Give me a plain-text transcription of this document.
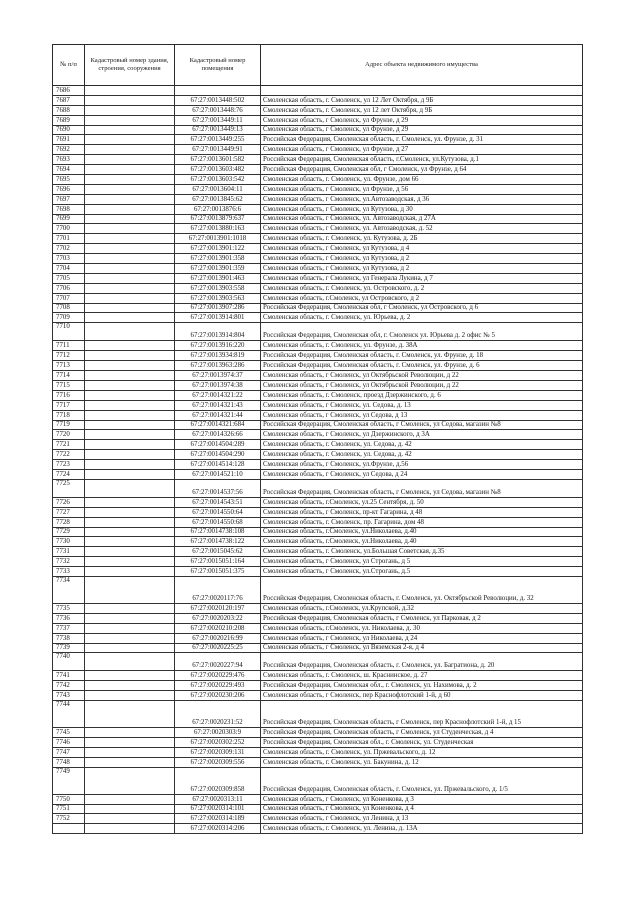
№ п/п	Кадастровый номер здания, строения, сооружения	Кадастровый номер помещения	Адрес объекта недвижимого имущества
7686			
7687		67:27:0013448:502	Смоленская область, г. Смоленск, ул 12 Лет Октября, д 9Б
7688		67:27:0013448:76	Смоленская область, г. Смоленск, ул 12 лет Октября, д 9Б
7689		67:27:0013449:11	Смоленская область, г Смоленск, ул Фрунзе, д 29
7690		67:27:0013449:13	Смоленская область, г Смоленск, ул Фрунзе, д 29
7691		67:27:0013449:255	Российская Федерация, Смоленская область, г. Смоленск, ул. Фрунзе, д. 31
7692		67:27:0013449:91	Смоленская область, г Смоленск, ул Фрунзе, д 27
7693		67:27:0013601:582	Российская Федерация, Смоленская область, г.Смоленск, ул.Кутузова, д.1
7694		67:27:0013603:482	Российская Федерация, Смоленская обл, г Смоленск, ул Фрунзе, д 64
7695		67:27:0013603:542	Смоленская область, г. Смоленск, ул. Фрунзе, дом 66
7696		67:27:0013604:11	Смоленская область, г Смоленск, ул Фрунзе, д 56
7697		67:27:0013845:62	Смоленская область, г Смоленск, ул.Автозаводская, д 36
7698		67:27:0013876:6	Смоленская область, г Смоленск, ул Кутузова, д 30
7699		67:27:0013879:637	Смоленская область, г Смоленск, ул. Автозаводская, д 27А
7700		67:27:0013880:163	Смоленская область, г Смоленск, ул. Автозаводская, д. 52
7701		67:27:0013901:1018	Смоленская область, г. Смоленск, ул. Кутузова, д. 2Б
7702		67:27:0013901:122	Смоленская область, г Смоленск, ул Кутузова, д 4
7703		67:27:0013901:358	Смоленская область, г Смоленск, ул Кутузова, д 2
7704		67:27:0013901:359	Смоленская область, г Смоленск, ул Кутузова, д 2
7705		67:27:0013901:463	Смоленская область, г Смоленск, ул Генерала Лукина, д 7
7706		67:27:0013903:558	Смоленская область, г. Смоленск, ул. Островского, д. 2
7707		67:27:0013903:563	Смоленская область, г.Смоленск, ул Островского, д 2
7708		67:27:0013907:286	Российская Федерация, Смоленская обл, г Смоленск, ул Островского, д 6
7709		67:27:0013914:801	Смоленская область, г. Смоленск, ул. Юрьева, д. 2
7710		67:27:0013914:804	Российская Федерация, Смоленская обл, г. Смоленск ул. Юрьева д. 2 офис № 5
7711		67:27:0013916:220	Смоленская область, г. Смоленск, ул. Фрунзе, д. 38А
7712		67:27:0013934:819	Российская Федерация, Смоленская область, г. Смоленск, ул. Фрунзе, д. 18
7713		67:27:0013963:286	Российская Федерация, Смоленская область, г. Смоленск, ул. Фрунзе, д. 6
7714		67:27:0013974:37	Смоленская область, г Смоленск, ул Октябрьской Революции, д 22
7715		67:27:0013974:38	Смоленская область, г Смоленск, ул Октябрьской Революции, д 22
7716		67:27:0014321:22	Смоленская область, г. Смоленск, проезд Дзержинского, д. 6
7717		67:27:0014321:43	Смоленская область, г Смоленск, ул. Седова, д. 13
7718		67:27:0014321:44	Смоленская область, г Смоленск, ул Седова, д 13
7719		67:27:0014321:684	Российская Федерация, Смоленская область, г Смоленск, ул Седова, магазин №8
7720		67:27:0014326:66	Смоленская область, г Смоленск, ул Дзержинского, д 3А
7721		67:27:0014504:289	Смоленская область, г. Смоленск, ул. Седова, д. 42
7722		67:27:0014504:290	Смоленская область, г. Смоленск, ул. Седова, д. 42
7723		67:27:0014514:128	Смоленская область, г Смоленск, ул.Фрунзе, д.56
7724		67:27:0014521:10	Смоленская область, г Смоленск, ул Седова, д 24
7725		67:27:0014537:56	Российская Федерация, Смоленская область, г Смоленск, ул Седова, магазин №8
7726		67:27:0014543:51	Смоленская область, г.Смоленск, ул.25 Сентября, д. 50
7727		67:27:0014550:64	Смоленская область, г Смоленск, пр-кт Гагарина, д 48
7728		67:27:0014550:68	Смоленская область, г. Смоленск, пр. Гагарина, дом 48
7729		67:27:0014738:108	Смоленская область, г.Смоленск, ул.Николаева, д.40
7730		67:27:0014738:122	Смоленская область, г.Смоленск, ул.Николаева, д.40
7731		67:27:0015045:62	Смоленская область, г. Смоленск, ул.Большая Советская, д.35
7732		67:27:0015051:164	Смоленская область, г Смоленск, ул Строгань, д 5
7733		67:27:0015051:375	Смоленская область, г Смоленск, ул.Строгань, д.5
7734		67:27:0020117:76	Российская Федерация, Смоленская область, г. Смоленск, ул. Октябрьской Революции, д. 32
7735		67:27:0020120:197	Смоленская область, г.Смоленск, ул.Крупской, д.32
7736		67:27:0020203:22	Российская Федерация, Смоленская область, г Смоленск, ул Парковая, д 2
7737		67:27:0020210:208	Смоленская область, г.Смоленск, ул. Николаева, д. 30
7738		67:27:0020216:99	Смоленская область, г Смоленск, ул Николаева, д 24
7739		67:27:0020225:25	Смоленская область, г Смоленск, ул Вяземская 2-я, д 4
7740		67:27:0020227:94	Российская Федерация, Смоленская область, г. Смоленск, ул. Багратиона, д. 20
7741		67:27:0020229:476	Смоленская область, г. Смоленск, ш. Краснинское, д. 27
7742		67:27:0020229:493	Российская Федерация, Смоленская обл., г. Смоленск, ул. Нахимова, д. 2
7743		67:27:0020230:206	Смоленская область, г Смоленск, пер Краснофлотский 1-й, д 60
7744		67:27:0020231:52	Российская Федерация, Смоленская область, г Смоленск, пер Краснофлотский 1-й, д 15
7745		67:27:0020303:9	Российская Федерация, Смоленская область, г Смоленск, ул Студенческая, д 4
7746		67:27:0020302:252	Российская Федерация, Смоленская обл., г. Смоленск, ул. Студенческая
7747		67:27:0020309:131	Смоленская область, г. Смоленск, ул. Пржевальского, д. 12
7748		67:27:0020309:556	Смоленская область, г. Смоленск, ул. Бакунина, д. 12
7749		67:27:0020309:858	Российская Федерация, Смоленская область, г. Смоленск, ул. Пржевальского, д. 1/5
7750		67:27:0020313:11	Смоленская область, г Смоленск, ул Коненкова, д 3
7751		67:27:0020314:101	Смоленская область, г Смоленск, ул Коненкова, д 4
7752		67:27:0020314:189	Смоленская область, г Смоленск, ул Ленина, д 13
		67:27:0020314:206	Смоленская область, г. Смоленск, ул. Ленина, д. 13А
